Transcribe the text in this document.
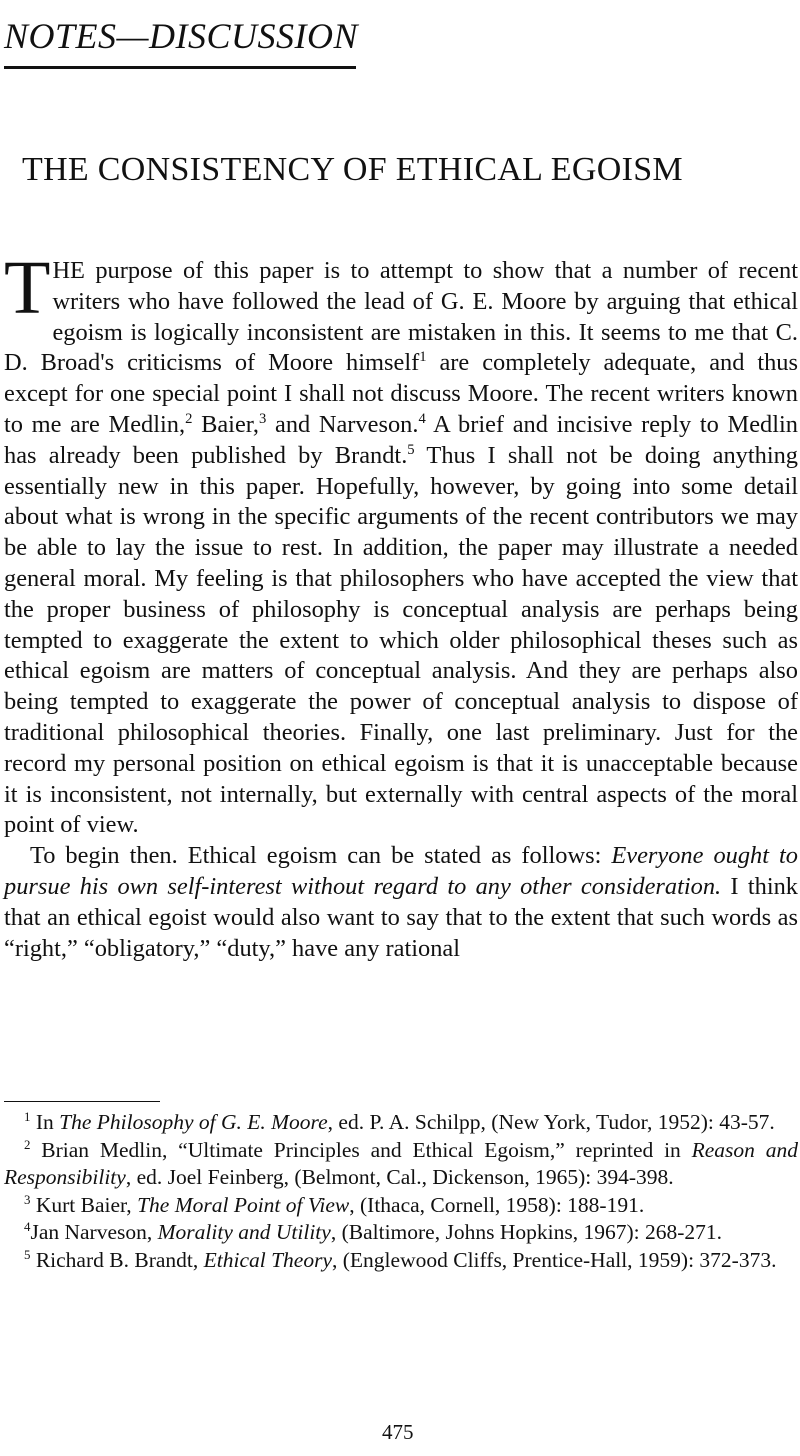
NOTES—DISCUSSION
THE CONSISTENCY OF ETHICAL EGOISM

THE purpose of this paper is to attempt to show that a number of recent writers who have followed the lead of G. E. Moore by arguing that ethical egoism is logically inconsistent are mistaken in this. It seems to me that C. D. Broad's criticisms of Moore himself$^1$ are completely adequate, and thus except for one special point I shall not discuss Moore. The recent writers known to me are Medlin,$^2$ Baier,$^3$ and Narveson.$^4$ A brief and incisive reply to Medlin has already been published by Brandt.$^5$ Thus I shall not be doing anything essentially new in this paper. Hopefully, however, by going into some detail about what is wrong in the specific arguments of the recent contributors we may be able to lay the issue to rest. In addition, the paper may illustrate a needed general moral. My feeling is that philosophers who have accepted the view that the proper business of philosophy is conceptual analysis are perhaps being tempted to exaggerate the extent to which older philosophical theses such as ethical egoism are matters of conceptual analysis. And they are perhaps also being tempted to exaggerate the power of conceptual analysis to dispose of traditional philosophical theories. Finally, one last preliminary. Just for the record my personal position on ethical egoism is that it is unacceptable because it is inconsistent, not internally, but externally with central aspects of the moral point of view.

To begin then. Ethical egoism can be stated as follows: Everyone ought to pursue his own self-interest without regard to any other consideration. I think that an ethical egoist would also want to say that to the extent that such words as “right,” “obligatory,” “duty,” have any rational

$^1$ In The Philosophy of G. E. Moore, ed. P. A. Schilpp, (New York, Tudor, 1952): 43-57.

$^2$ Brian Medlin, “Ultimate Principles and Ethical Egoism,” reprinted in Reason and Responsibility, ed. Joel Feinberg, (Belmont, Cal., Dickenson, 1965): 394-398.

$^3$ Kurt Baier, The Moral Point of View, (Ithaca, Cornell, 1958): 188-191.

$^4$Jan Narveson, Morality and Utility, (Baltimore, Johns Hopkins, 1967): 268-271.

$^5$ Richard B. Brandt, Ethical Theory, (Englewood Cliffs, Prentice-Hall, 1959): 372-373.

475
